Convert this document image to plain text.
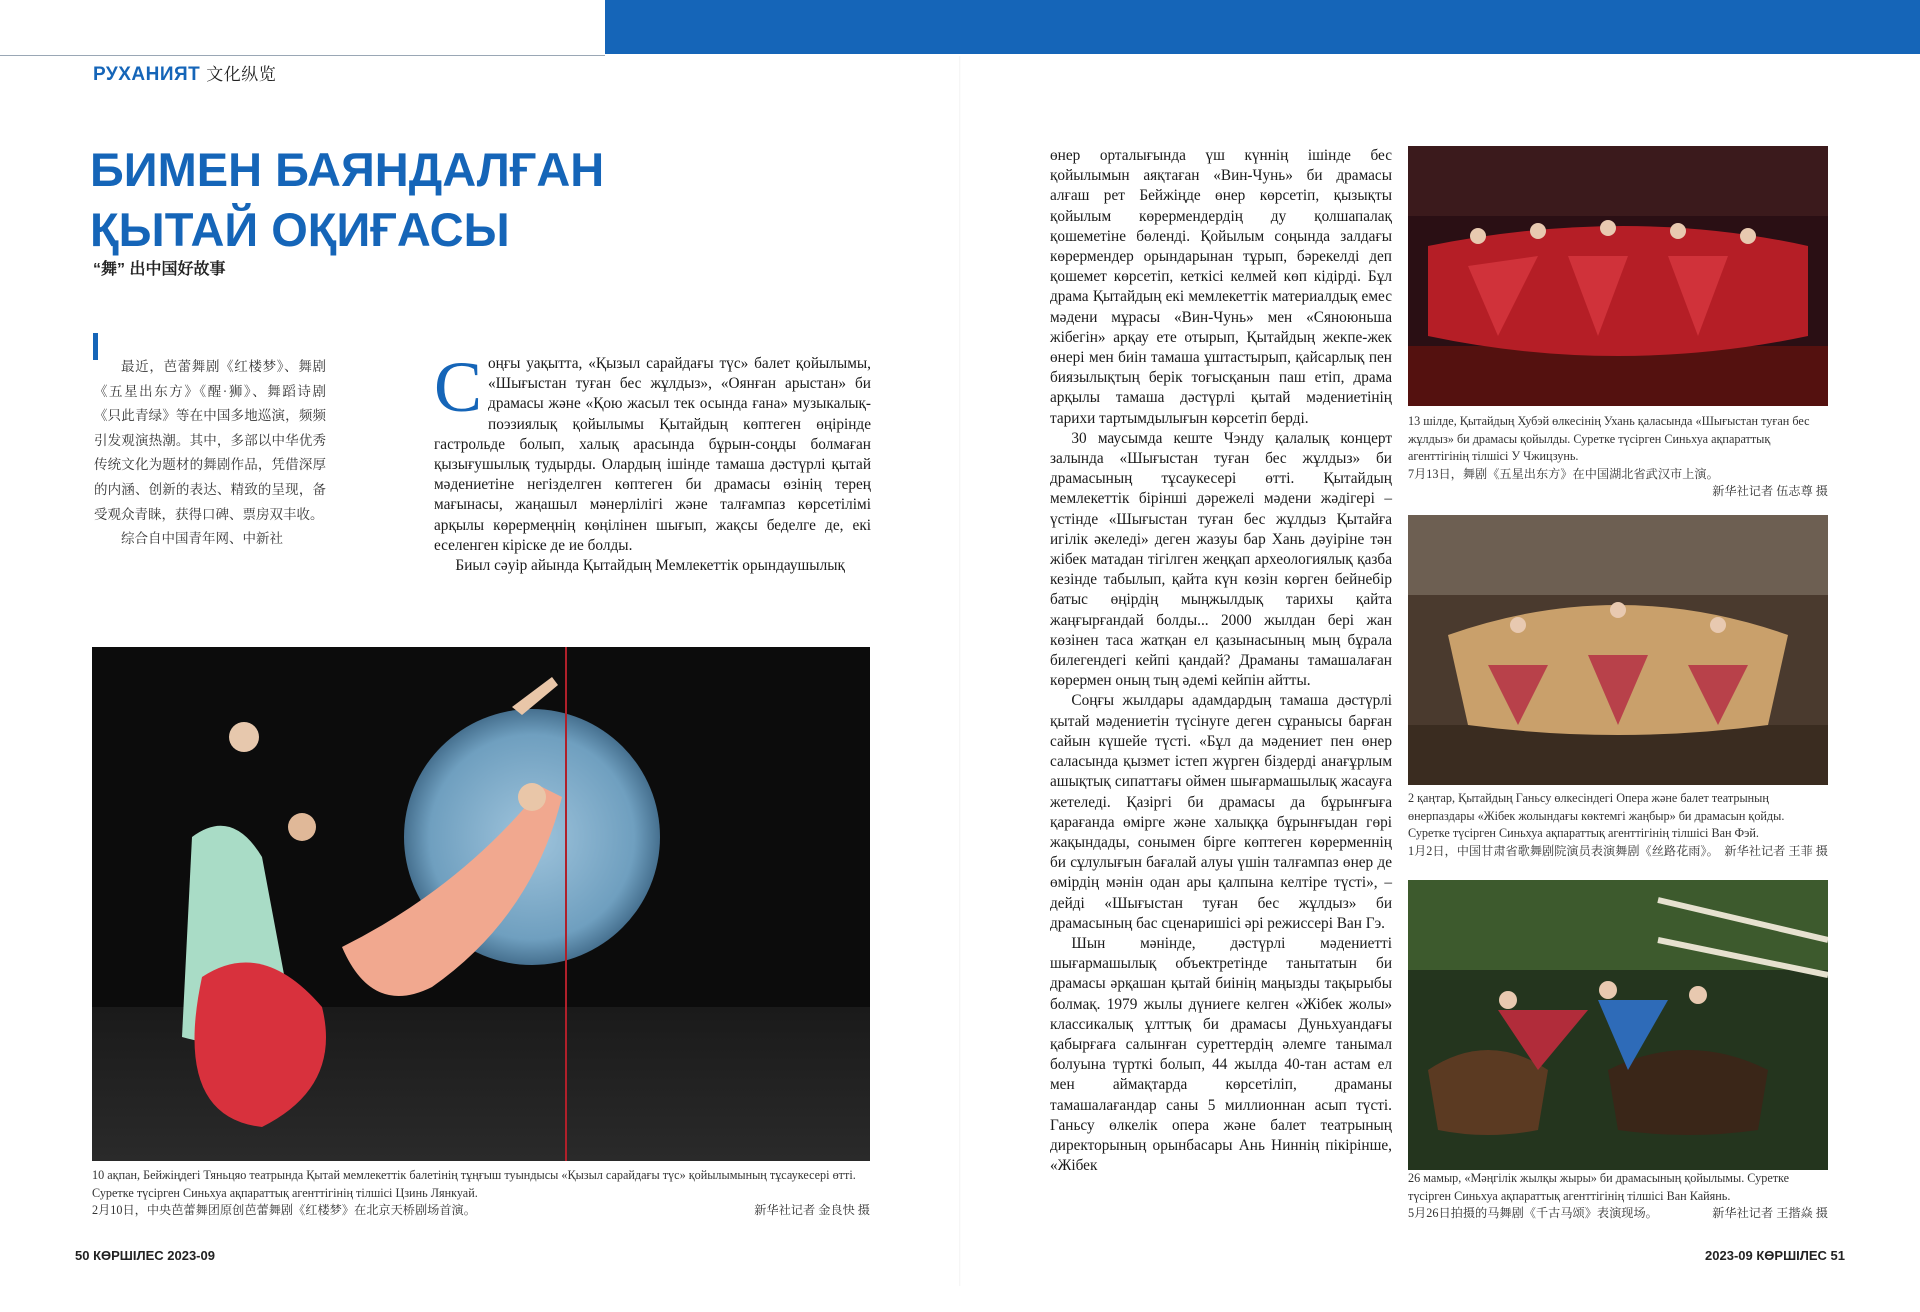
РУХАНИЯТ 文化纵览
БИМЕН БАЯНДАЛҒАН
ҚЫТАЙ ОҚИҒАСЫ
“舞” 出中国好故事
最近，芭蕾舞剧《红楼梦》、舞剧《五星出东方》《醒·狮》、舞蹈诗剧《只此青绿》等在中国多地巡演，频频引发观演热潮。其中，多部以中华优秀传统文化为题材的舞剧作品，凭借深厚的内涵、创新的表达、精致的呈现，备受观众青睐，获得口碑、票房双丰收。
综合自中国青年网、中新社

Соңғы уақытта, «Қызыл сарайдағы түс» балет қойылымы, «Шығыстан туған бес жұлдыз», «Оянған арыстан» би драмасы және «Қою жасыл тек осында ғана» музыкалық-поэзиялық қойылымы Қытайдың көптеген өңірінде гастрольде болып, халық арасында бұрын-соңды болмаған қызығушылық тудырды. Олардың ішінде тамаша дәстүрлі қытай мәдениетіне негізделген көптеген би драмасы өзінің терең мағынасы, жаңашыл мәнерлілігі және талғампаз көрсетілімі арқылы көрермеңнің көңілінен шығып, жақсы беделге де, екі еселенген кіріске де ие болды.

Биыл сәуір айында Қытайдың Мемлекеттік орындаушылық

өнер орталығында үш күннің ішінде бес қойылымын аяқтаған «Вин-Чунь» би драмасы алғаш рет Бейжіңде өнер көрсетіп, қызықты қойылым көрермендердің ду қолшапалақ қошеметіне бөленді. Қойылым соңында залдағы көрермендер орындарынан тұрып, бәрекелді деп қошемет көрсетіп, кеткісі келмей көп кідірді. Бұл драма Қытайдың екі мемлекеттік материалдық емес мәдени мұрасы «Вин-Чунь» мен «Сяноюньша жібегін» арқау ете отырып, Қытайдың жекпе-жек өнері мен биін тамаша ұштастырып, қайсарлық пен биязылықтың берік тоғысқанын паш етіп, драма арқылы тамаша дәстүрлі қытай мәдениетінің тарихи тартымдылығын көрсетіп берді.

30 маусымда кеште Чэнду қалалық концерт залында «Шығыстан туған бес жұлдыз» би драмасының тұсаукесері өтті. Қытайдың мемлекеттік бірінші дәрежелі мәдени жәдігері – үстінде «Шығыстан туған бес жұлдыз Қытайға игілік әкеледі» деген жазуы бар Хань дәуіріне тән жібек матадан тігілген жеңқап археологиялық қазба кезінде табылып, қайта күн көзін көрген бейнебір батыс өңірдің мыңжылдық тарихы қайта жаңғырғандай болды... 2000 жылдан бері жан көзінен таса жатқан ел қазынасының мың бұрала билегендегі кейпі қандай? Драманы тамашалаған көрермен оның тың әдемі кейпін айтты.

Соңғы жылдары адамдардың тамаша дәстүрлі қытай мәдениетін түсінуге деген сұранысы барған сайын күшейе түсті. «Бұл да мәдениет пен өнер саласында қызмет істеп жүрген біздерді анағұрлым ашықтық сипаттағы оймен шығармашылық жасауға жетеледі. Қазіргі би драмасы да бұрынғыға қарағанда өмірге және халыққа бұрынғыдан гөрі жақындады, сонымен бірге көптеген көрерменнің би сұлулығын бағалай алуы үшін талғампаз өнер де өмірдің мәнін одан ары қалпына келтіре түсті», – дейді «Шығыстан туған бес жұлдыз» би драмасының бас сценаришісі әрі режиссері Ван Гэ.

Шын мәнінде, дәстүрлі мәдениетті шығармашылық объектретінде танытатын би драмасы әрқашан қытай биінің маңызды тақырыбы болмақ. 1979 жылы дүниеге келген «Жібек жолы» классикалық ұлттық би драмасы Дуньхуандағы қабырғаға салынған суреттердің әлемге танымал болуына түрткі болып, 44 жылда 40-тан астам ел мен аймақтарда көрсетіліп, драманы тамашалағандар саны 5 миллионнан асып түсті. Ганьсу өлкелік опера және балет театрының директорының орынбасары Ань Ниннің пікірінше, «Жібек

10 ақпан, Бейжіңдегі Тяньцяо театрында Қытай мемлекеттік балетінің тұңғыш туындысы «Қызыл сарайдағы түс» қойылымының тұсаукесері өтті. Суретке түсірген Синьхуа ақпараттық агенттігінің тілшісі Цзинь Лянкуай.
2月10日，中央芭蕾舞团原创芭蕾舞剧《红楼梦》在北京天桥剧场首演。	新华社记者 金良快 摄
13 шілде, Қытайдың Хубэй өлкесінің Ухань қаласында «Шығыстан туған бес жұлдыз» би драмасы қойылды. Суретке түсірген Синьхуа ақпараттық агенттігінің тілшісі У Чжицзунь.
7月13日，舞剧《五星出东方》在中国湖北省武汉市上演。
新华社记者 伍志尊 摄
2 қаңтар, Қытайдың Ганьсу өлкесіндегі Опера және балет театрының өнерпаздары «Жібек жолындағы көктемгі жаңбыр» би драмасын қойды. Суретке түсірген Синьхуа ақпараттық агенттігінің тілшісі Ван Фэй.
1月2日，中国甘肃省歌舞剧院演员表演舞剧《丝路花雨》。 新华社记者 王菲 摄
26 мамыр, «Мәңгілік жылқы жыры» би драмасының қойылымы. Суретке түсірген Синьхуа ақпараттық агенттігінің тілшісі Ван Кайянь.
5月26日拍摄的马舞剧《千古马颂》表演现场。	新华社记者 王揩焱 摄
50 КӨРШІЛЕС 2023-09	2023-09 КӨРШІЛЕС 51
